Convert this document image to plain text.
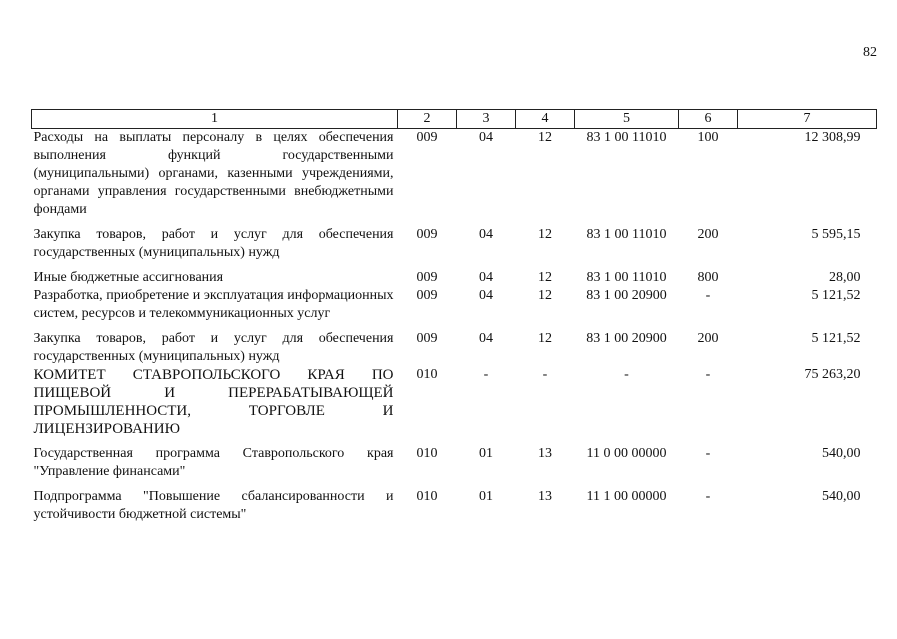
82
1	2	3	4	5	6	7
Расходы на выплаты персоналу в целях обеспечения выполнения функций государственными (муниципальными) органами, казенными учреждениями, органами управления государственными внебюджетными фондами	009	04	12	83 1 00 11010	100	12 308,99
Закупка товаров, работ и услуг для обеспечения государственных (муниципальных) нужд	009	04	12	83 1 00 11010	200	5 595,15
Иные бюджетные ассигнования	009	04	12	83 1 00 11010	800	28,00
Разработка, приобретение и эксплуатация информационных систем, ресурсов и телекоммуникационных услуг	009	04	12	83 1 00 20900	-	5 121,52
Закупка товаров, работ и услуг для обеспечения государственных (муниципальных) нужд	009	04	12	83 1 00 20900	200	5 121,52
КОМИТЕТ СТАВРОПОЛЬСКОГО КРАЯ ПО ПИЩЕВОЙ И ПЕРЕРАБАТЫВАЮЩЕЙ ПРОМЫШЛЕННОСТИ, ТОРГОВЛЕ И ЛИЦЕНЗИРОВАНИЮ	010	-	-	-	-	75 263,20
Государственная программа Ставропольского края "Управление финансами"	010	01	13	11 0 00 00000	-	540,00
Подпрограмма "Повышение сбалансированности и устойчивости бюджетной системы"	010	01	13	11 1 00 00000	-	540,00
